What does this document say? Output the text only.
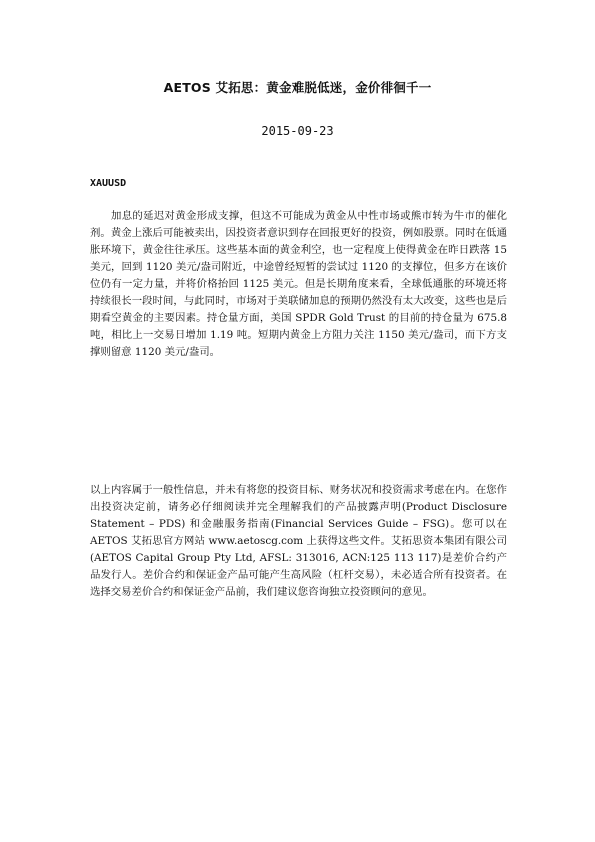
AETOS 艾拓思：黄金难脱低迷，金价徘徊千一
2015-09-23
XAUUSD

加息的延迟对黄金形成支撑，但这不可能成为黄金从中性市场或熊市转为牛市的催化剂。黄金上涨后可能被卖出，因投资者意识到存在回报更好的投资，例如股票。同时在低通胀环境下，黄金往往承压。这些基本面的黄金利空，也一定程度上使得黄金在昨日跌落 15 美元，回到 1120 美元/盎司附近，中途曾经短暂的尝试过 1120 的支撑位，但多方在该价位仍有一定力量，并将价格抬回 1125 美元。但是长期角度来看，全球低通胀的环境还将持续很长一段时间，与此同时，市场对于美联储加息的预期仍然没有太大改变，这些也是后期看空黄金的主要因素。持仓量方面，美国 SPDR Gold Trust 的目前的持仓量为 675.8 吨，相比上一交易日增加 1.19 吨。短期内黄金上方阻力关注 1150 美元/盎司，而下方支撑则留意 1120 美元/盎司。

以上内容属于一般性信息，并未有将您的投资目标、财务状况和投资需求考虑在内。在您作出投资决定前，请务必仔细阅读并完全理解我们的产品披露声明(Product Disclosure Statement – PDS) 和金融服务指南(Financial Services Guide – FSG)。您可以在 AETOS 艾拓思官方网站 www.aetoscg.com 上获得这些文件。艾拓思资本集团有限公司(AETOS Capital Group Pty Ltd, AFSL: 313016, ACN:125 113 117)是差价合约产品发行人。差价合约和保证金产品可能产生高风险（杠杆交易），未必适合所有投资者。在选择交易差价合约和保证金产品前，我们建议您咨询独立投资顾问的意见。
